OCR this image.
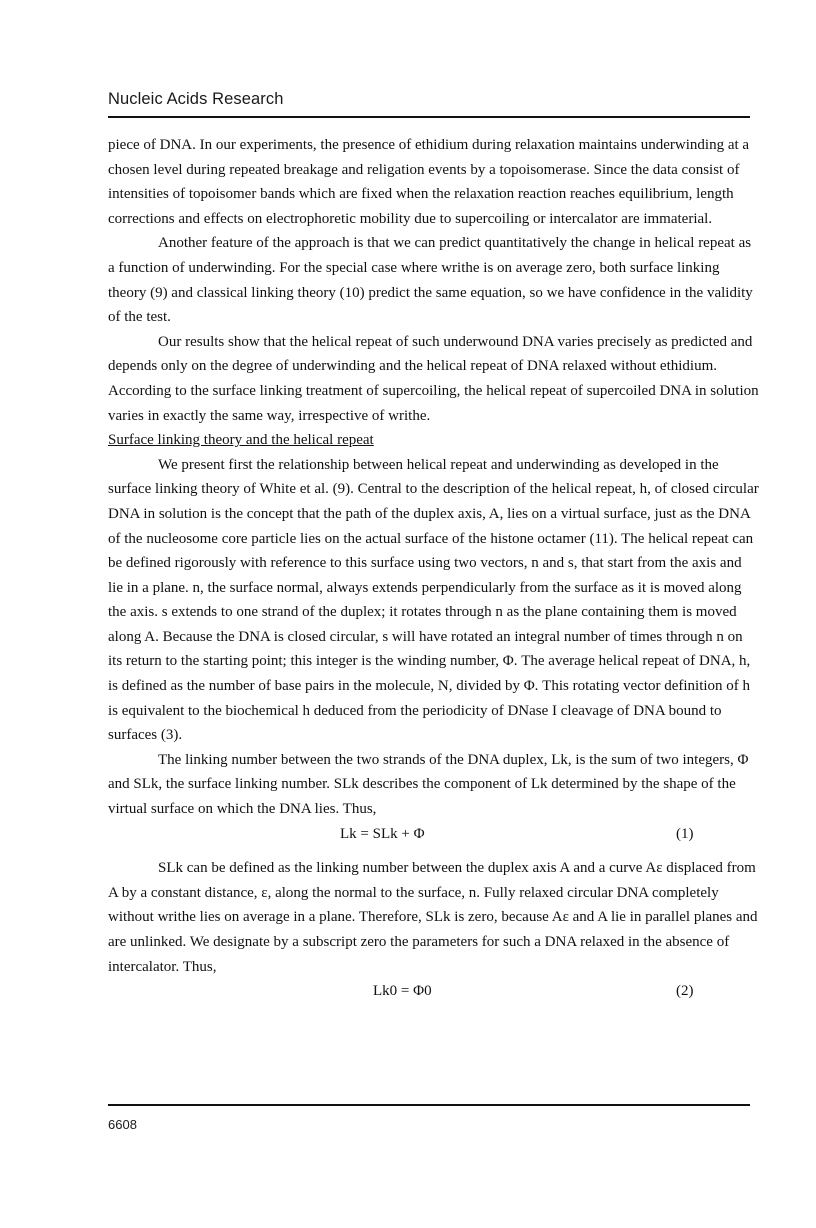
Nucleic Acids Research

piece of DNA. In our experiments, the presence of ethidium during relaxation maintains underwinding at a chosen level during repeated breakage and religation events by a topoisomerase. Since the data consist of intensities of topoisomer bands which are fixed when the relaxation reaction reaches equilibrium, length corrections and effects on electrophoretic mobility due to supercoiling or intercalator are immaterial.

Another feature of the approach is that we can predict quantitatively the change in helical repeat as a function of underwinding. For the special case where writhe is on average zero, both surface linking theory (9) and classical linking theory (10) predict the same equation, so we have confidence in the validity of the test.

Our results show that the helical repeat of such underwound DNA varies precisely as predicted and depends only on the degree of underwinding and the helical repeat of DNA relaxed without ethidium. According to the surface linking treatment of supercoiling, the helical repeat of supercoiled DNA in solution varies in exactly the same way, irrespective of writhe.

Surface linking theory and the helical repeat

We present first the relationship between helical repeat and underwinding as developed in the surface linking theory of White et al. (9). Central to the description of the helical repeat, h, of closed circular DNA in solution is the concept that the path of the duplex axis, A, lies on a virtual surface, just as the DNA of the nucleosome core particle lies on the actual surface of the histone octamer (11). The helical repeat can be defined rigorously with reference to this surface using two vectors, n and s, that start from the axis and lie in a plane. n, the surface normal, always extends perpendicularly from the surface as it is moved along the axis. s extends to one strand of the duplex; it rotates through n as the plane containing them is moved along A. Because the DNA is closed circular, s will have rotated an integral number of times through n on its return to the starting point; this integer is the winding number, Φ. The average helical repeat of DNA, h, is defined as the number of base pairs in the molecule, N, divided by Φ. This rotating vector definition of h is equivalent to the biochemical h deduced from the periodicity of DNase I cleavage of DNA bound to surfaces (3).

The linking number between the two strands of the DNA duplex, Lk, is the sum of two integers, Φ and SLk, the surface linking number. SLk describes the component of Lk determined by the shape of the virtual surface on which the DNA lies. Thus,

Lk = SLk + Φ	(1)

SLk can be defined as the linking number between the duplex axis A and a curve Aε displaced from A by a constant distance, ε, along the normal to the surface, n. Fully relaxed circular DNA completely without writhe lies on average in a plane. Therefore, SLk is zero, because Aε and A lie in parallel planes and are unlinked. We designate by a subscript zero the parameters for such a DNA relaxed in the absence of intercalator. Thus,

Lk0 = Φ0	(2)
6608
